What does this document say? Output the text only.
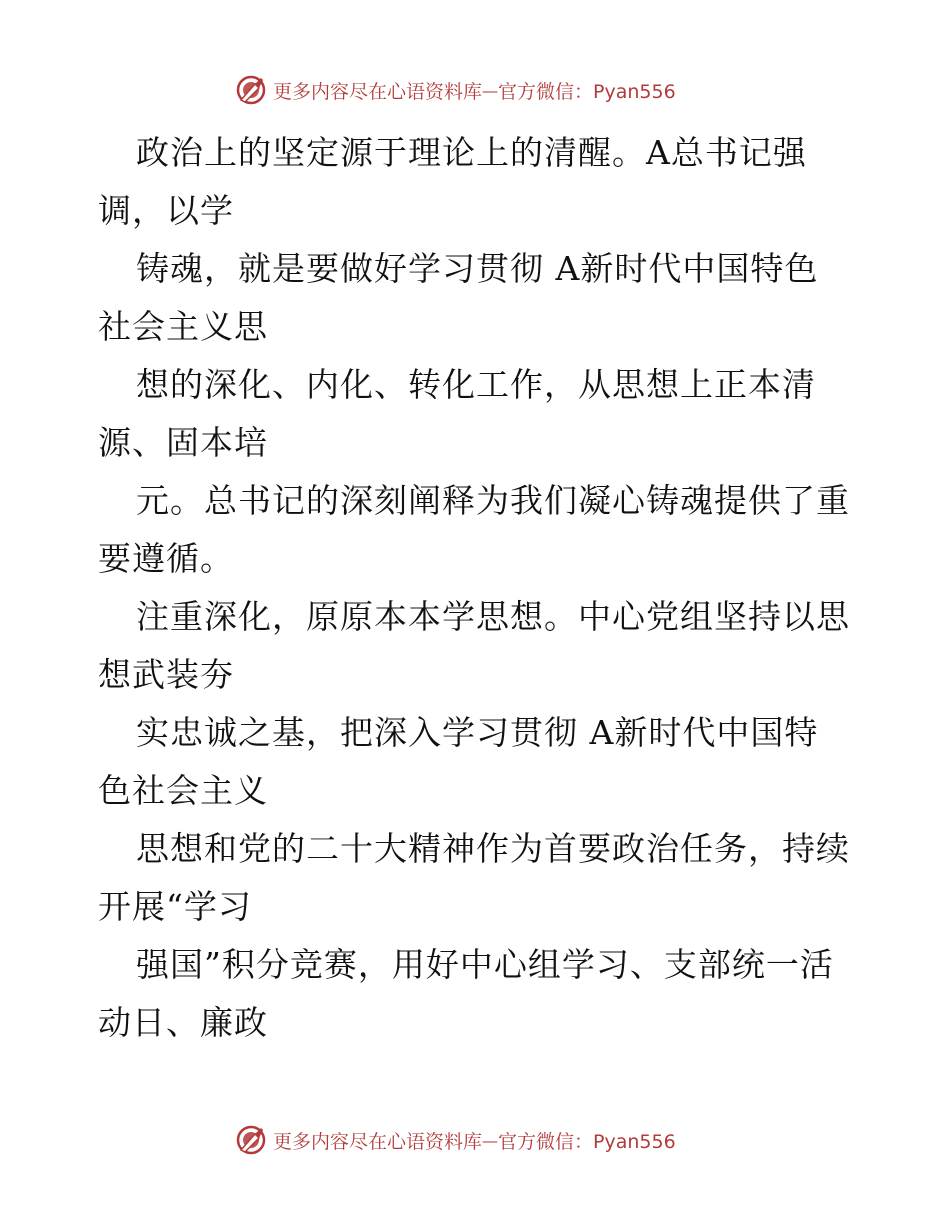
更多内容尽在心语资料库 — 官方微信：Pyan556

政治上的坚定源于理论上的清醒。A总书记强
调，以学

铸魂，就是要做好学习贯彻 A新时代中国特色
社会主义思

想的深化、内化、转化工作，从思想上正本清
源、固本培

元。总书记的深刻阐释为我们凝心铸魂提供了重
要遵循。

注重深化，原原本本学思想。中心党组坚持以思
想武装夯

实忠诚之基，把深入学习贯彻 A新时代中国特
色社会主义

思想和党的二十大精神作为首要政治任务，持续
开展“学习

强国”积分竞赛，用好中心组学习、支部统一活
动日、廉政

更多内容尽在心语资料库 — 官方微信：Pyan556
